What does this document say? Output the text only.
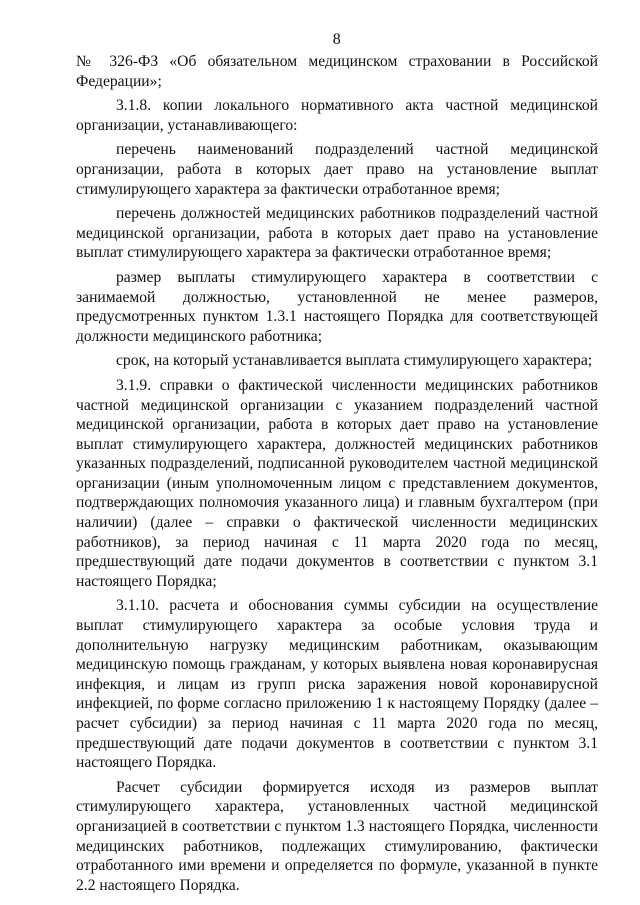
8

№ 326-ФЗ «Об обязательном медицинском страховании в Российской Федерации»;

3.1.8. копии локального нормативного акта частной медицинской организации, устанавливающего:

перечень наименований подразделений частной медицинской организации, работа в которых дает право на установление выплат стимулирующего характера за фактически отработанное время;

перечень должностей медицинских работников подразделений частной медицинской организации, работа в которых дает право на установление выплат стимулирующего характера за фактически отработанное время;

размер выплаты стимулирующего характера в соответствии с занимаемой должностью, установленной не менее размеров, предусмотренных пунктом 1.3.1 настоящего Порядка для соответствующей должности медицинского работника;

срок, на который устанавливается выплата стимулирующего характера;

3.1.9. справки о фактической численности медицинских работников частной медицинской организации с указанием подразделений частной медицинской организации, работа в которых дает право на установление выплат стимулирующего характера, должностей медицинских работников указанных подразделений, подписанной руководителем частной медицинской организации (иным уполномоченным лицом с представлением документов, подтверждающих полномочия указанного лица) и главным бухгалтером (при наличии) (далее – справки о фактической численности медицинских работников), за период начиная с 11 марта 2020 года по месяц, предшествующий дате подачи документов в соответствии с пунктом 3.1 настоящего Порядка;

3.1.10. расчета и обоснования суммы субсидии на осуществление выплат стимулирующего характера за особые условия труда и дополнительную нагрузку медицинским работникам, оказывающим медицинскую помощь гражданам, у которых выявлена новая коронавирусная инфекция, и лицам из групп риска заражения новой коронавирусной инфекцией, по форме согласно приложению 1 к настоящему Порядку (далее – расчет субсидии) за период начиная с 11 марта 2020 года по месяц, предшествующий дате подачи документов в соответствии с пунктом 3.1 настоящего Порядка.

Расчет субсидии формируется исходя из размеров выплат стимулирующего характера, установленных частной медицинской организацией в соответствии с пунктом 1.3 настоящего Порядка, численности медицинских работников, подлежащих стимулированию, фактически отработанного ими времени и определяется по формуле, указанной в пункте 2.2 настоящего Порядка.
